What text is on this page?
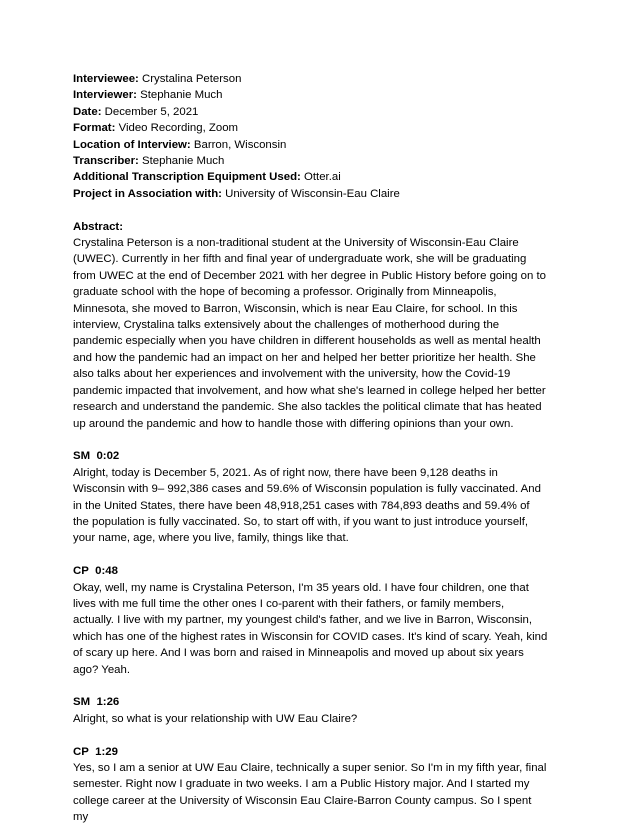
Interviewee: Crystalina Peterson
Interviewer: Stephanie Much
Date: December 5, 2021
Format: Video Recording, Zoom
Location of Interview: Barron, Wisconsin
Transcriber: Stephanie Much
Additional Transcription Equipment Used: Otter.ai
Project in Association with: University of Wisconsin-Eau Claire
Abstract:
Crystalina Peterson is a non-traditional student at the University of Wisconsin-Eau Claire (UWEC). Currently in her fifth and final year of undergraduate work, she will be graduating from UWEC at the end of December 2021 with her degree in Public History before going on to graduate school with the hope of becoming a professor. Originally from Minneapolis, Minnesota, she moved to Barron, Wisconsin, which is near Eau Claire, for school. In this interview, Crystalina talks extensively about the challenges of motherhood during the pandemic especially when you have children in different households as well as mental health and how the pandemic had an impact on her and helped her better prioritize her health. She also talks about her experiences and involvement with the university, how the Covid-19 pandemic impacted that involvement, and how what she's learned in college helped her better research and understand the pandemic. She also tackles the political climate that has heated up around the pandemic and how to handle those with differing opinions than your own.
SM 0:02
Alright, today is December 5, 2021. As of right now, there have been 9,128 deaths in Wisconsin with 9– 992,386 cases and 59.6% of Wisconsin population is fully vaccinated. And in the United States, there have been 48,918,251 cases with 784,893 deaths and 59.4% of the population is fully vaccinated. So, to start off with, if you want to just introduce yourself, your name, age, where you live, family, things like that.
CP 0:48
Okay, well, my name is Crystalina Peterson, I'm 35 years old. I have four children, one that lives with me full time the other ones I co-parent with their fathers, or family members, actually. I live with my partner, my youngest child's father, and we live in Barron, Wisconsin, which has one of the highest rates in Wisconsin for COVID cases. It's kind of scary. Yeah, kind of scary up here. And I was born and raised in Minneapolis and moved up about six years ago? Yeah.
SM 1:26
Alright, so what is your relationship with UW Eau Claire?
CP 1:29
Yes, so I am a senior at UW Eau Claire, technically a super senior. So I'm in my fifth year, final semester. Right now I graduate in two weeks. I am a Public History major. And I started my college career at the University of Wisconsin Eau Claire-Barron County campus. So I spent my
